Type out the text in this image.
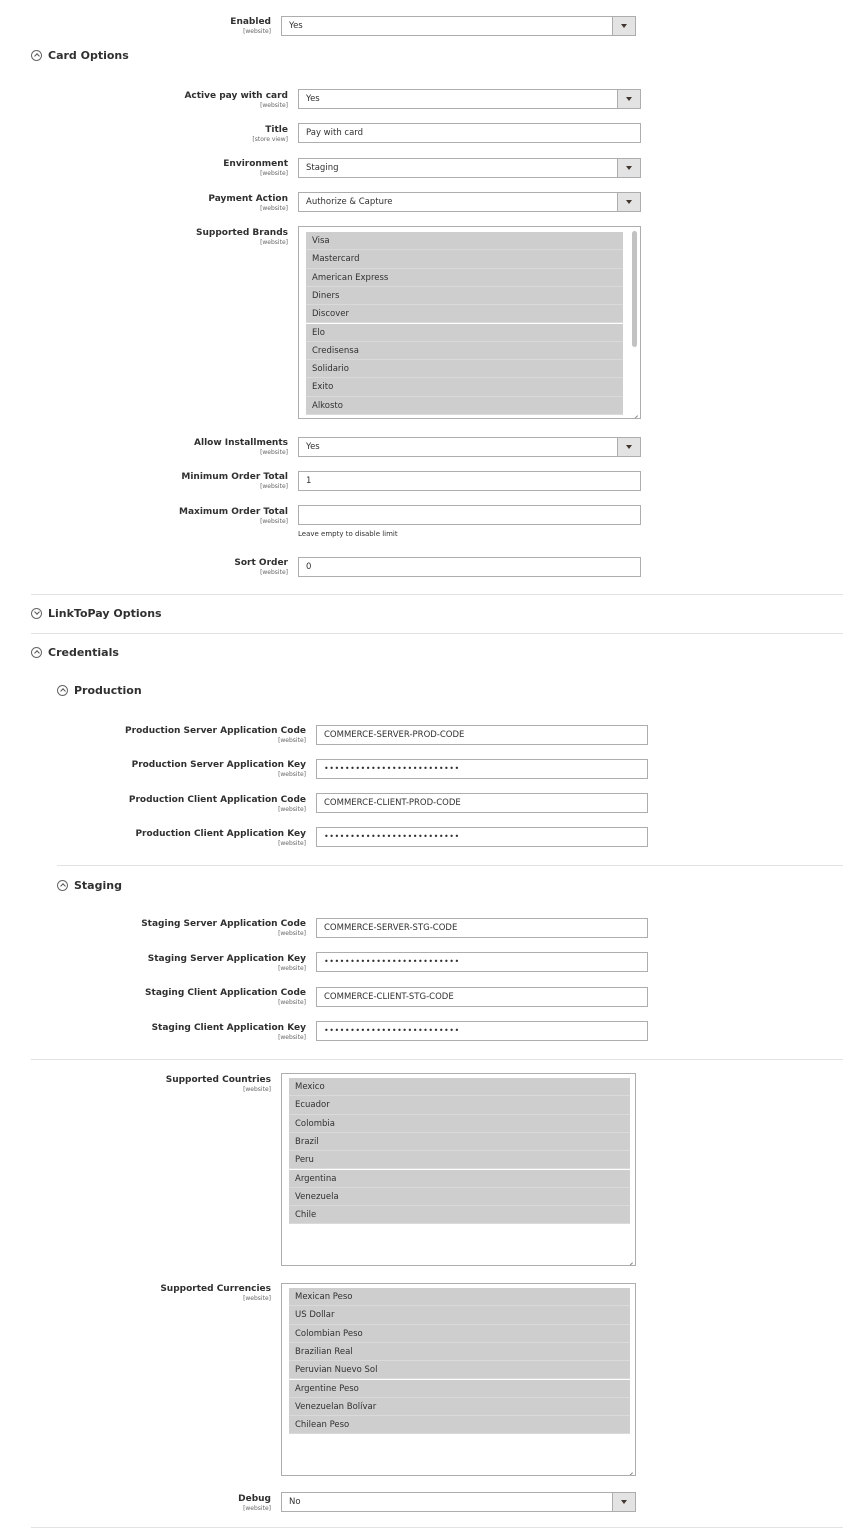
Enabled
[website]
Yes
Card Options
Active pay with card
[website]
Yes
Title
[store view]
Pay with card
Environment
[website]
Staging
Payment Action
[website]
Authorize & Capture
Supported Brands
[website]	Visa
Mastercard
American Express
Diners
Discover
Elo
Credisensa
Solidario
Exito
Alkosto
Allow Installments
[website]
Yes
Minimum Order Total
[website]
1
Maximum Order Total
[website]
Leave empty to disable limit
Sort Order
[website]
0
LinkToPay Options
Credentials
Production
Production Server Application Code
[website]
COMMERCE-SERVER-PROD-CODE
Production Server Application Key
[website]
••••••••••••••••••••••••••
Production Client Application Code
[website]
COMMERCE-CLIENT-PROD-CODE
Production Client Application Key
[website]
••••••••••••••••••••••••••
Staging
Staging Server Application Code
[website]
COMMERCE-SERVER-STG-CODE
Staging Server Application Key
[website]
••••••••••••••••••••••••••
Staging Client Application Code
[website]
COMMERCE-CLIENT-STG-CODE
Staging Client Application Key
[website]
••••••••••••••••••••••••••
Supported Countries
[website]	Mexico
Ecuador
Colombia
Brazil
Peru
Argentina
Venezuela
Chile
Supported Currencies
[website]	Mexican Peso
US Dollar
Colombian Peso
Brazilian Real
Peruvian Nuevo Sol
Argentine Peso
Venezuelan Bolívar
Chilean Peso
Debug
[website]
No
